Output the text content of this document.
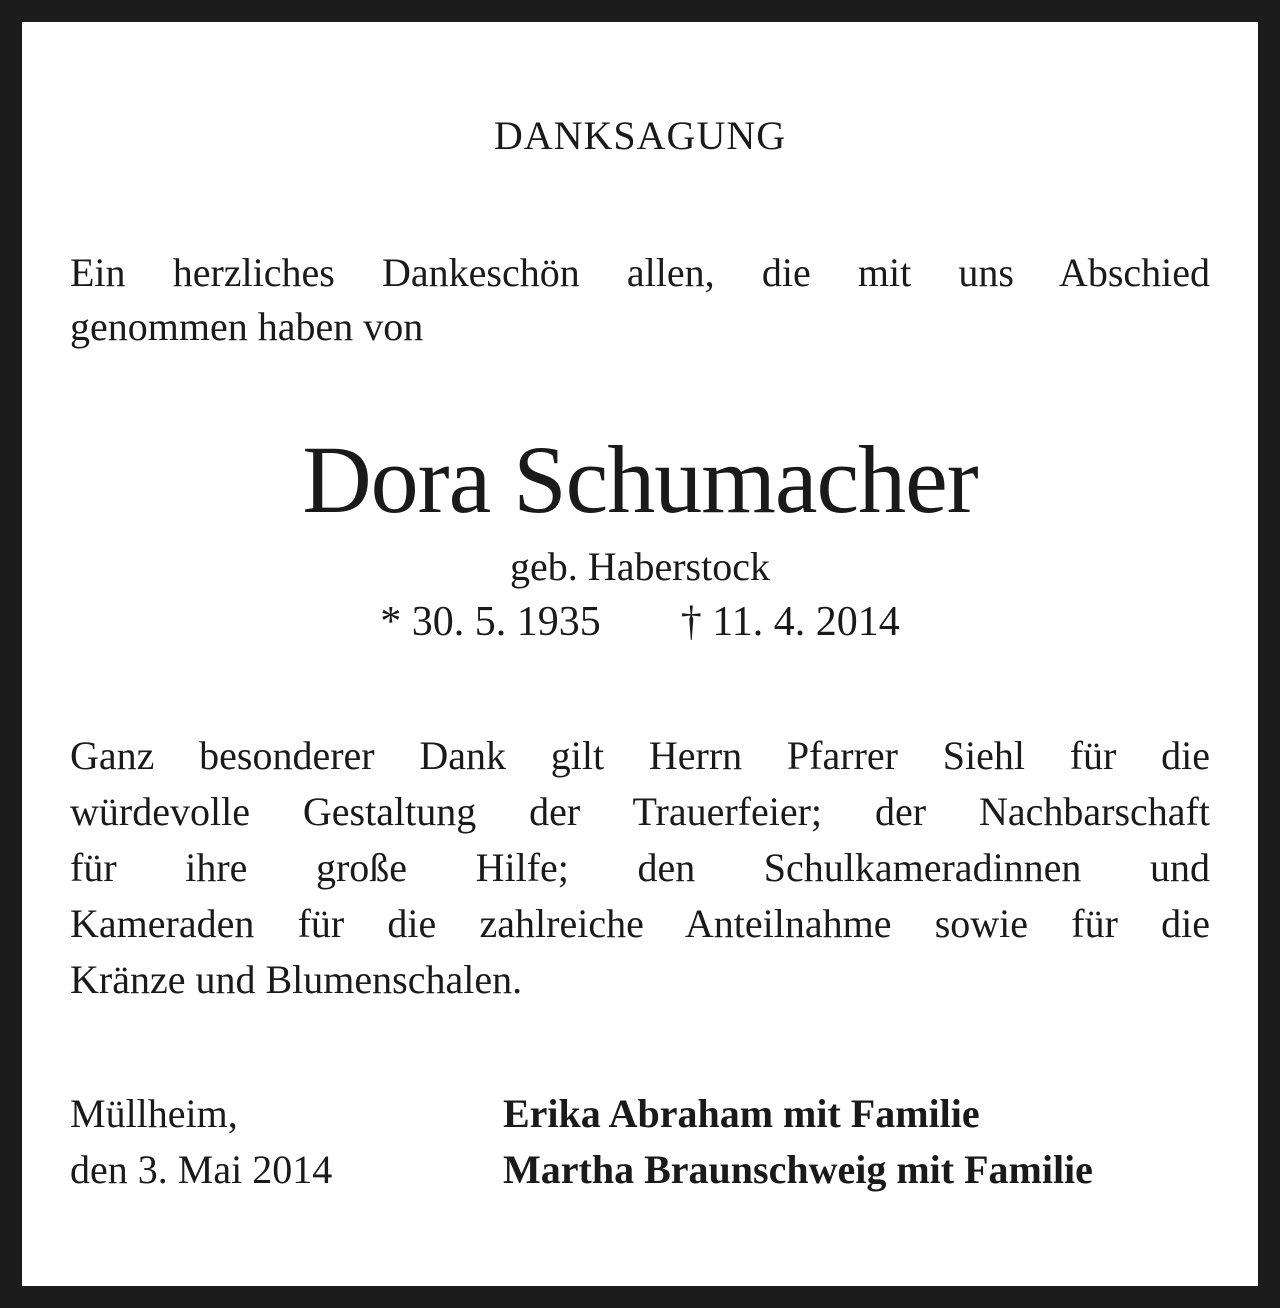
DANKSAGUNG
Ein herzliches Dankeschön allen, die mit uns Abschied
genommen haben von
Dora Schumacher
geb. Haberstock
* 30. 5. 1935 † 11. 4. 2014
Ganz besonderer Dank gilt Herrn Pfarrer Siehl für die
würdevolle Gestaltung der Trauerfeier; der Nachbarschaft
für ihre große Hilfe; den Schulkameradinnen und
Kameraden für die zahlreiche Anteilnahme sowie für die
Kränze und Blumenschalen.
Müllheim,
den 3. Mai 2014
Erika Abraham mit Familie
Martha Braunschweig mit Familie
